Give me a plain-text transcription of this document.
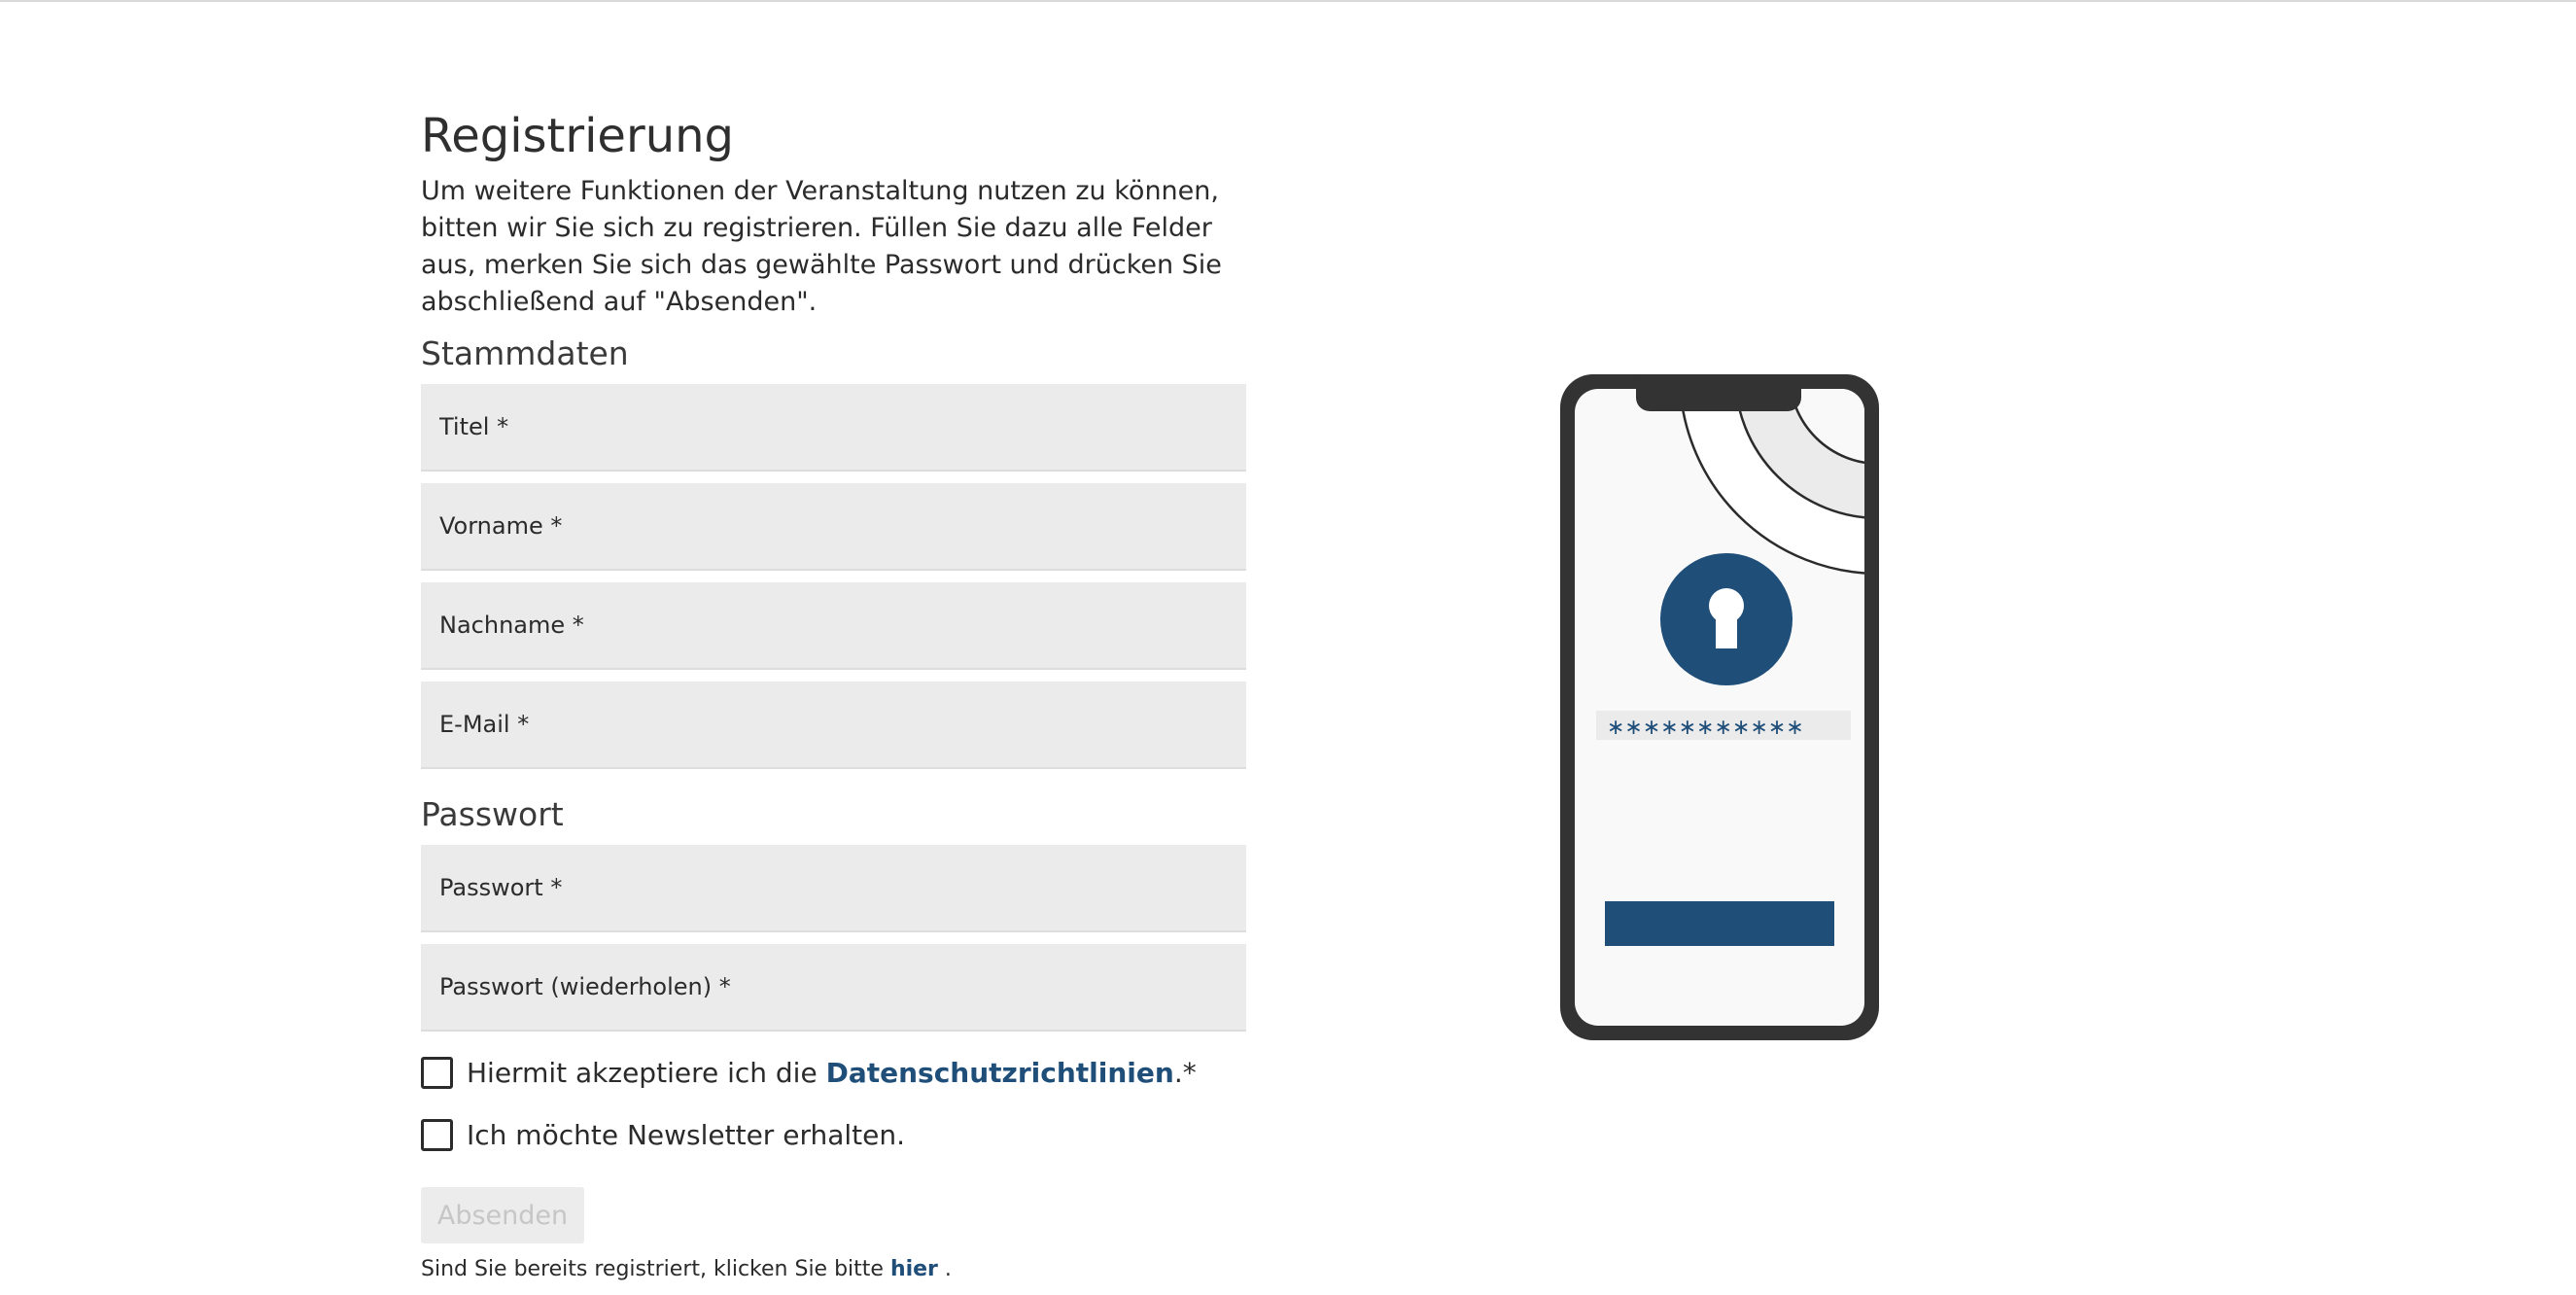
Registrierung

Um weitere Funktionen der Veranstaltung nutzen zu können, bitten wir Sie sich zu registrieren. Füllen Sie dazu alle Felder aus, merken Sie sich das gewählte Passwort und drücken Sie abschließend auf "Absenden".

Stammdaten
Titel *
Vorname *
Nachname *
E-Mail *
Passwort
Hiermit akzeptiere ich die Datenschutzrichtlinien .*
Ich möchte Newsletter erhalten.
Absenden

Sind Sie bereits registriert, klicken Sie bitte hier .

∗∗∗∗∗∗∗∗∗∗∗
